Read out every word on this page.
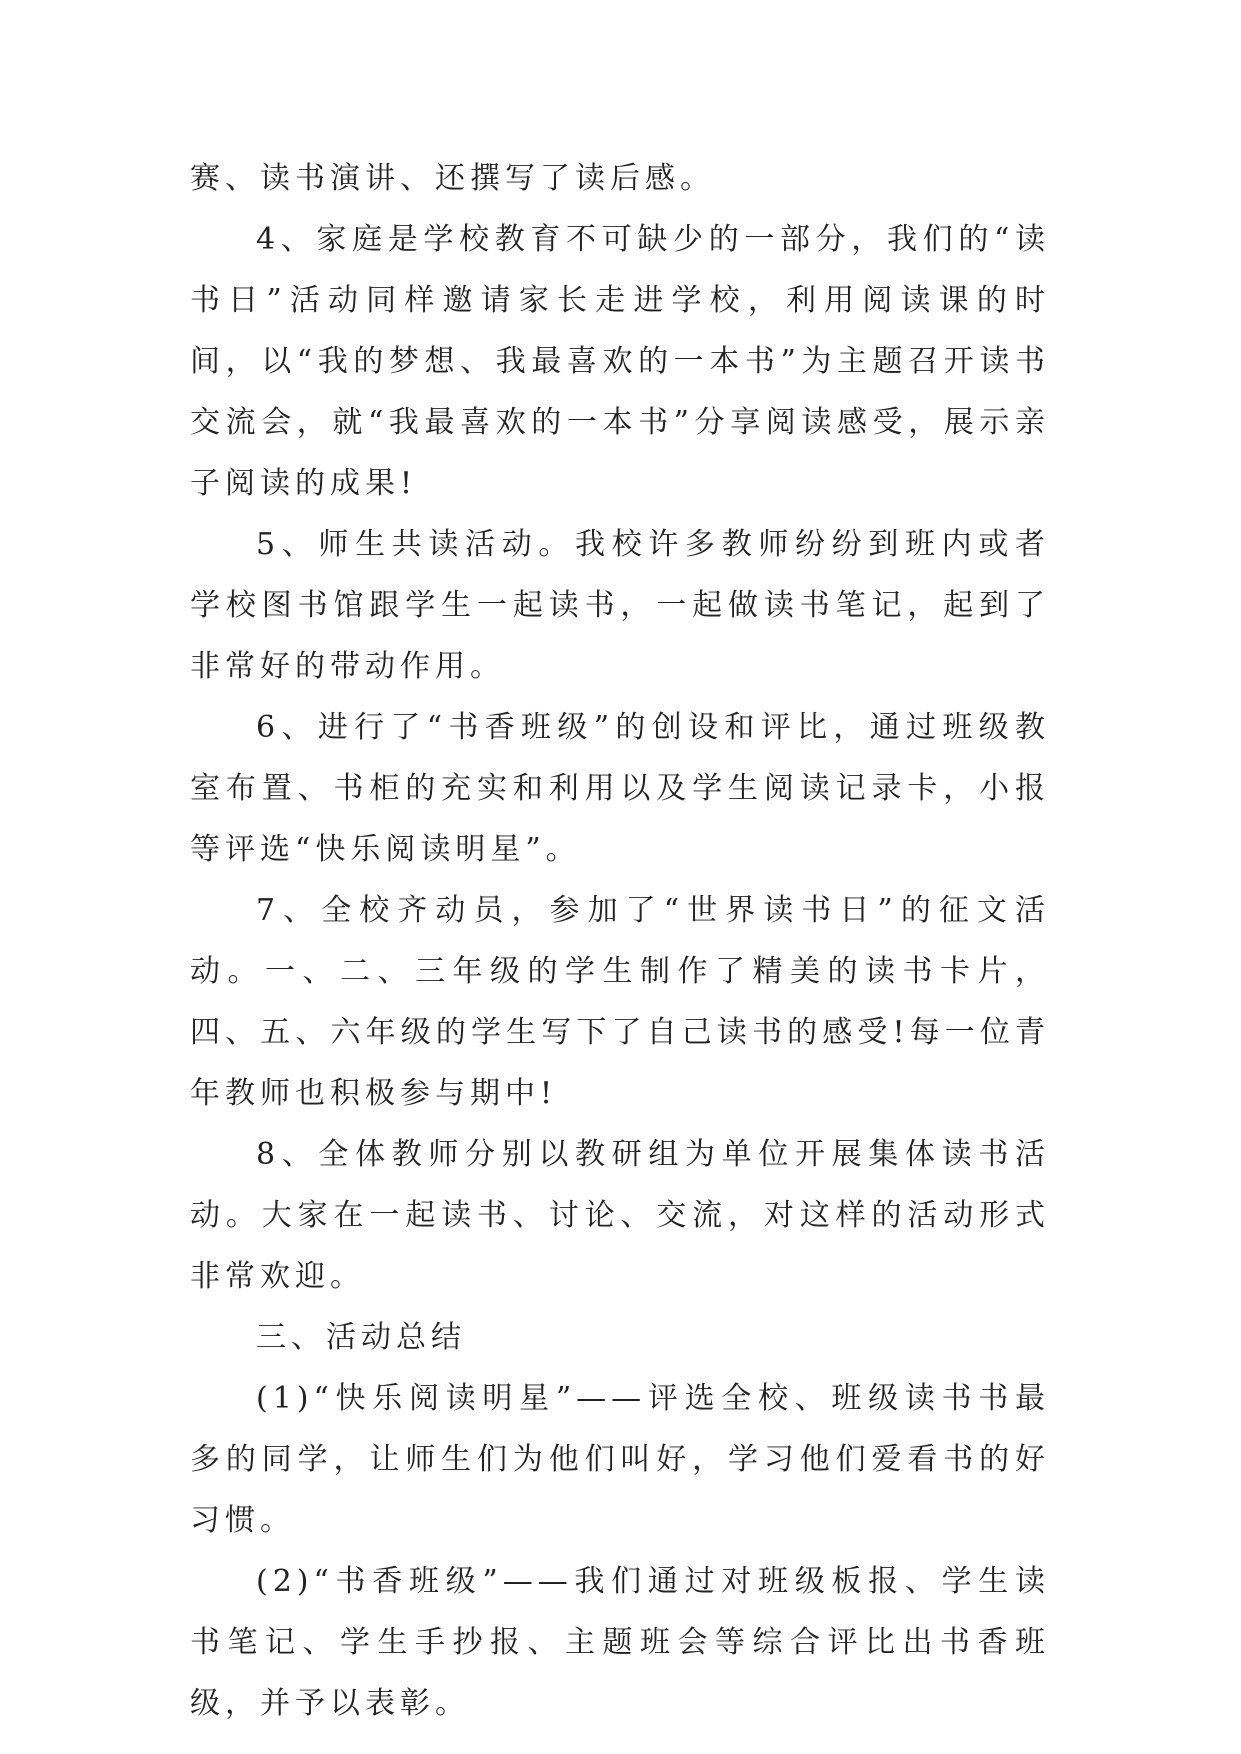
赛、读书演讲、还撰写了读后感。

4、家庭是学校教育不可缺少的一部分，我们的“读书日”活动同样邀请家长走进学校，利用阅读课的时间，以“我的梦想、我最喜欢的一本书”为主题召开读书交流会，就“我最喜欢的一本书”分享阅读感受，展示亲子阅读的成果!

5、师生共读活动。我校许多教师纷纷到班内或者学校图书馆跟学生一起读书，一起做读书笔记，起到了非常好的带动作用。

6、进行了“书香班级”的创设和评比，通过班级教室布置、书柜的充实和利用以及学生阅读记录卡，小报等评选“快乐阅读明星”。

7、全校齐动员，参加了“世界读书日”的征文活动。一、二、三年级的学生制作了精美的读书卡片，四、五、六年级的学生写下了自己读书的感受!每一位青年教师也积极参与期中!

8、全体教师分别以教研组为单位开展集体读书活动。大家在一起读书、讨论、交流，对这样的活动形式非常欢迎。

三、活动总结

(1)“快乐阅读明星”——评选全校、班级读书书最多的同学，让师生们为他们叫好，学习他们爱看书的好习惯。

(2)“书香班级”——我们通过对班级板报、学生读书笔记、学生手抄报、主题班会等综合评比出书香班级，并予以表彰。
